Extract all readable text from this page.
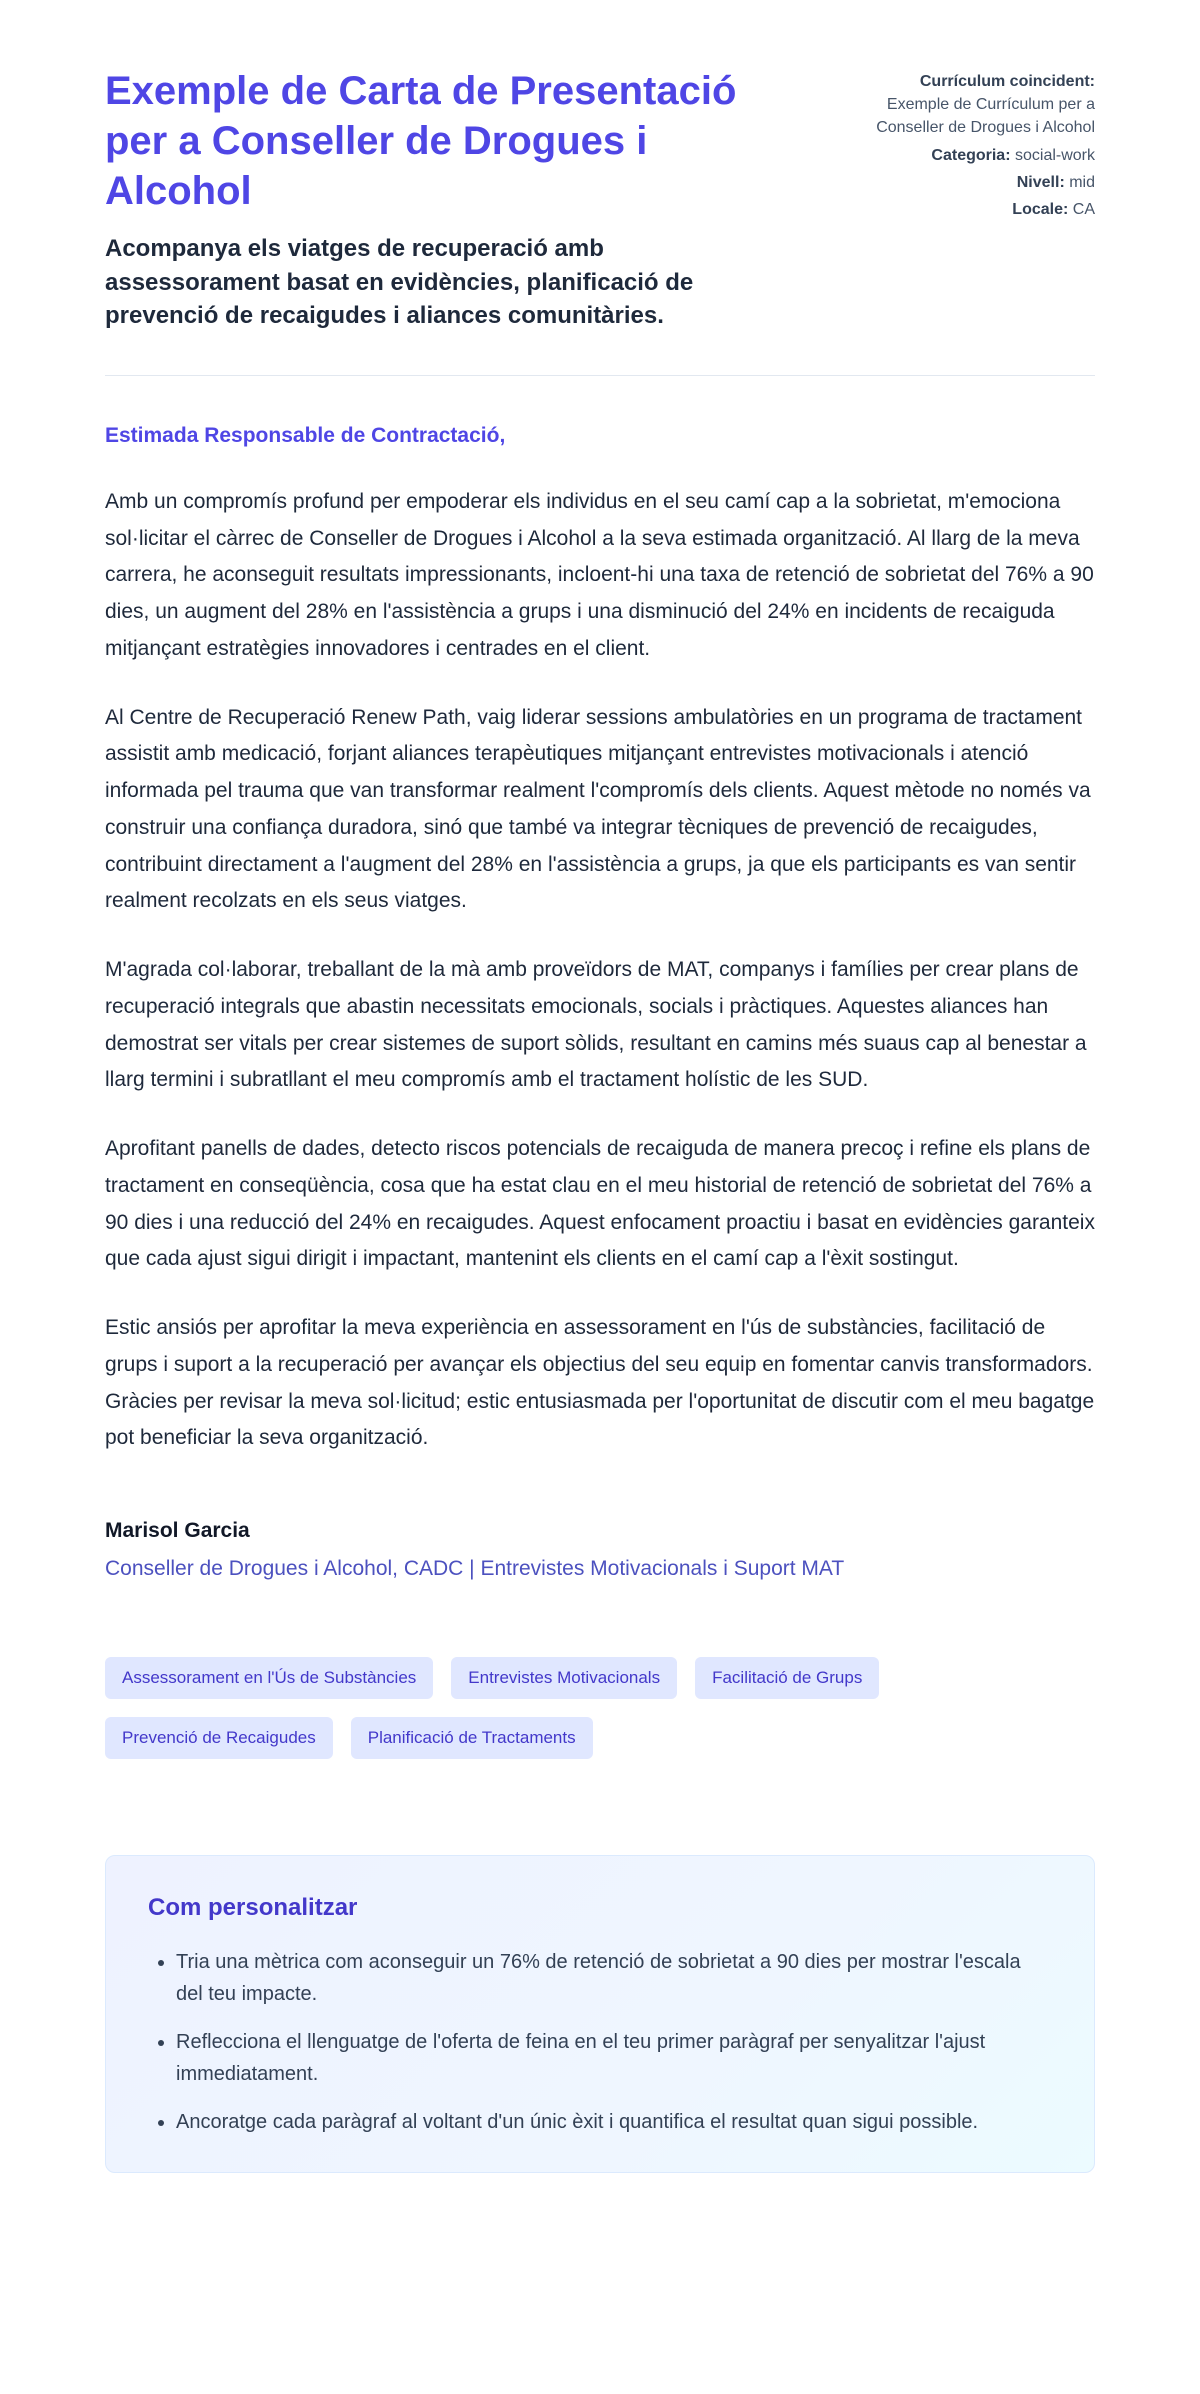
Exemple de Carta de Presentació per a Conseller de Drogues i Alcohol

Acompanya els viatges de recuperació amb assessorament basat en evidències, planificació de prevenció de recaigudes i aliances comunitàries.

Currículum coincident:
Exemple de Currículum per a Conseller de Drogues i Alcohol
Categoria: social-work
Nivell: mid
Locale: CA

Estimada Responsable de Contractació,

Amb un compromís profund per empoderar els individus en el seu camí cap a la sobrietat, m'emociona sol·licitar el càrrec de Conseller de Drogues i Alcohol a la seva estimada organització. Al llarg de la meva carrera, he aconseguit resultats impressionants, incloent-hi una taxa de retenció de sobrietat del 76% a 90 dies, un augment del 28% en l'assistència a grups i una disminució del 24% en incidents de recaiguda mitjançant estratègies innovadores i centrades en el client.

Al Centre de Recuperació Renew Path, vaig liderar sessions ambulatòries en un programa de tractament assistit amb medicació, forjant aliances terapèutiques mitjançant entrevistes motivacionals i atenció informada pel trauma que van transformar realment l'compromís dels clients. Aquest mètode no només va construir una confiança duradora, sinó que també va integrar tècniques de prevenció de recaigudes, contribuint directament a l'augment del 28% en l'assistència a grups, ja que els participants es van sentir realment recolzats en els seus viatges.

M'agrada col·laborar, treballant de la mà amb proveïdors de MAT, companys i famílies per crear plans de recuperació integrals que abastin necessitats emocionals, socials i pràctiques. Aquestes aliances han demostrat ser vitals per crear sistemes de suport sòlids, resultant en camins més suaus cap al benestar a llarg termini i subratllant el meu compromís amb el tractament holístic de les SUD.

Aprofitant panells de dades, detecto riscos potencials de recaiguda de manera precoç i refine els plans de tractament en conseqüència, cosa que ha estat clau en el meu historial de retenció de sobrietat del 76% a 90 dies i una reducció del 24% en recaigudes. Aquest enfocament proactiu i basat en evidències garanteix que cada ajust sigui dirigit i impactant, mantenint els clients en el camí cap a l'èxit sostingut.

Estic ansiós per aprofitar la meva experiència en assessorament en l'ús de substàncies, facilitació de grups i suport a la recuperació per avançar els objectius del seu equip en fomentar canvis transformadors. Gràcies per revisar la meva sol·licitud; estic entusiasmada per l'oportunitat de discutir com el meu bagatge pot beneficiar la seva organització.

Marisol Garcia

Conseller de Drogues i Alcohol, CADC | Entrevistes Motivacionals i Suport MAT

Assessorament en l'Ús de Substàncies	Entrevistes Motivacionals	Facilitació de Grups
Prevenció de Recaigudes	Planificació de Tractaments
Com personalitzar
• Tria una mètrica com aconseguir un 76% de retenció de sobrietat a 90 dies per mostrar l'escala del teu impacte.
• Reflecciona el llenguatge de l'oferta de feina en el teu primer paràgraf per senyalitzar l'ajust immediatament.
• Ancoratge cada paràgraf al voltant d'un únic èxit i quantifica el resultat quan sigui possible.
